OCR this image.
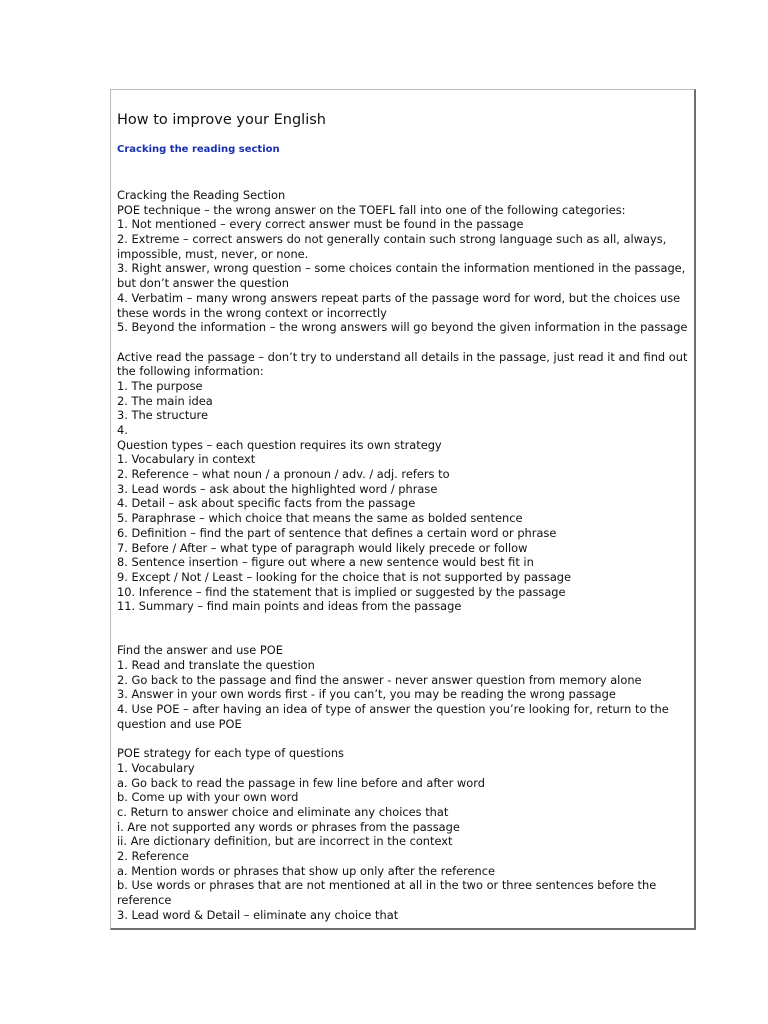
How to improve your English
Cracking the reading section
Cracking the Reading Section
POE technique – the wrong answer on the TOEFL fall into one of the following categories:
1. Not mentioned – every correct answer must be found in the passage
2. Extreme – correct answers do not generally contain such strong language such as all, always,
impossible, must, never, or none.
3. Right answer, wrong question – some choices contain the information mentioned in the passage,
but don’t answer the question
4. Verbatim – many wrong answers repeat parts of the passage word for word, but the choices use
these words in the wrong context or incorrectly
5. Beyond the information – the wrong answers will go beyond the given information in the passage
Active read the passage – don’t try to understand all details in the passage, just read it and find out
the following information:
1. The purpose
2. The main idea
3. The structure
4.
Question types – each question requires its own strategy
1. Vocabulary in context
2. Reference – what noun / a pronoun / adv. / adj. refers to
3. Lead words – ask about the highlighted word / phrase
4. Detail – ask about specific facts from the passage
5. Paraphrase – which choice that means the same as bolded sentence
6. Definition – find the part of sentence that defines a certain word or phrase
7. Before / After – what type of paragraph would likely precede or follow
8. Sentence insertion – figure out where a new sentence would best fit in
9. Except / Not / Least – looking for the choice that is not supported by passage
10. Inference – find the statement that is implied or suggested by the passage
11. Summary – find main points and ideas from the passage
Find the answer and use POE
1. Read and translate the question
2. Go back to the passage and find the answer - never answer question from memory alone
3. Answer in your own words first - if you can’t, you may be reading the wrong passage
4. Use POE – after having an idea of type of answer the question you’re looking for, return to the
question and use POE
POE strategy for each type of questions
1. Vocabulary
a. Go back to read the passage in few line before and after word
b. Come up with your own word
c. Return to answer choice and eliminate any choices that
i. Are not supported any words or phrases from the passage
ii. Are dictionary definition, but are incorrect in the context
2. Reference
a. Mention words or phrases that show up only after the reference
b. Use words or phrases that are not mentioned at all in the two or three sentences before the
reference
3. Lead word & Detail – eliminate any choice that
